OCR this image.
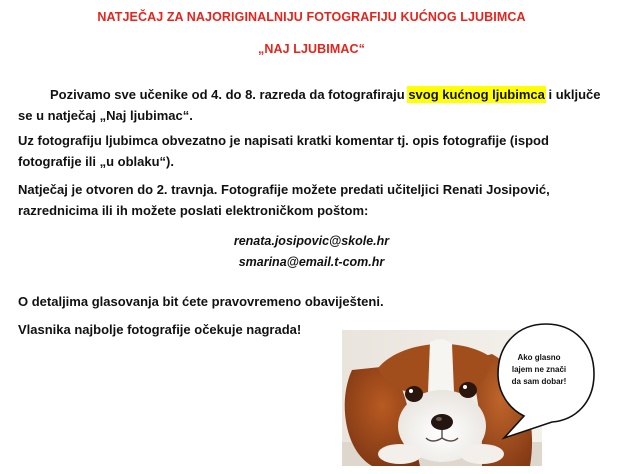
NATJEČAJ ZA NAJORIGINALNIJU FOTOGRAFIJU KUĆNOG LJUBIMCA
„NAJ LJUBIMAC“
Pozivamo sve učenike od 4. do 8. razreda da fotografiraju svog kućnog ljubimca i uključe se u natječaj „Naj ljubimac“.
Uz fotografiju ljubimca obvezatno je napisati kratki komentar tj. opis fotografije (ispod fotografije ili „u oblaku“).
Natječaj je otvoren do 2. travnja. Fotografije možete predati učiteljici Renati Josipović, razrednicima ili ih možete poslati elektroničkom poštom:
renata.josipovic@skole.hr
smarina@email.t-com.hr
O detaljima glasovanja bit ćete pravovremeno obaviješteni.
Vlasnika najbolje fotografije očekuje nagrada!
Ako glasno
lajem ne znači
da sam dobar!
